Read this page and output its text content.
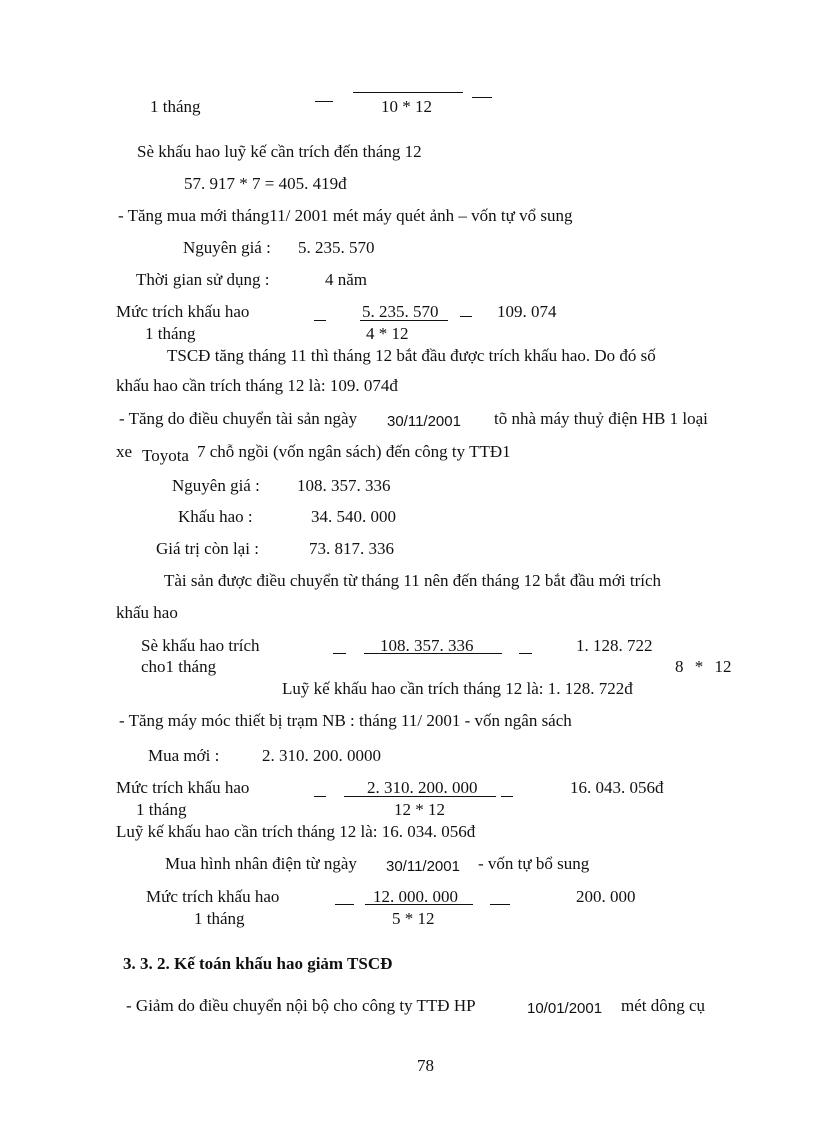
1 tháng	10 * 12
Sè khấu hao luỹ kế cần trích đến tháng 12
57. 917 * 7 = 405. 419đ
- Tăng mua mới tháng11/ 2001 mét máy quét ảnh – vốn tự vổ sung
Nguyên giá : 5. 235. 570
Thời gian sử dụng :	4 năm
Mức trích khấu hao
1 tháng
5. 235. 570
4 * 12
109. 074
TSCĐ tăng tháng 11 thì tháng 12 bắt đầu được trích khấu hao. Do đó số
khấu hao cần trích tháng 12 là: 109. 074đ
- Tăng do điều chuyển tài sản ngày 30/11/2001 tõ nhà máy thuỷ điện HB 1 loại
xe Toyota 7 chỗ ngồi (vốn ngân sách) đến công ty TTĐ1
Nguyên giá : 108. 357. 336
Khấu hao :	34. 540. 000
Giá trị còn lại :	73. 817. 336
Tài sản được điều chuyển từ tháng 11 nên đến tháng 12 bắt đầu mới trích
khấu hao
Sè khấu hao trích
cho1 tháng
108. 357. 336	1. 128. 722
8 * 12
Luỹ kế khấu hao cần trích tháng 12 là: 1. 128. 722đ
- Tăng máy móc thiết bị trạm NB : tháng 11/ 2001 - vốn ngân sách
Mua mới :	2. 310. 200. 0000
Mức trích khấu hao
1 tháng
2. 310. 200. 000
12 * 12
16. 043. 056đ
Luỹ kế khấu hao cần trích tháng 12 là: 16. 034. 056đ
Mua hình nhân điện từ ngày 30/11/2001 - vốn tự bổ sung
Mức trích khấu hao
1 tháng
12. 000. 000
5 * 12
200. 000
3. 3. 2. Kế toán khấu hao giảm TSCĐ
- Giảm do điều chuyển nội bộ cho công ty TTĐ HP	10/01/2001 mét dông cụ
78
